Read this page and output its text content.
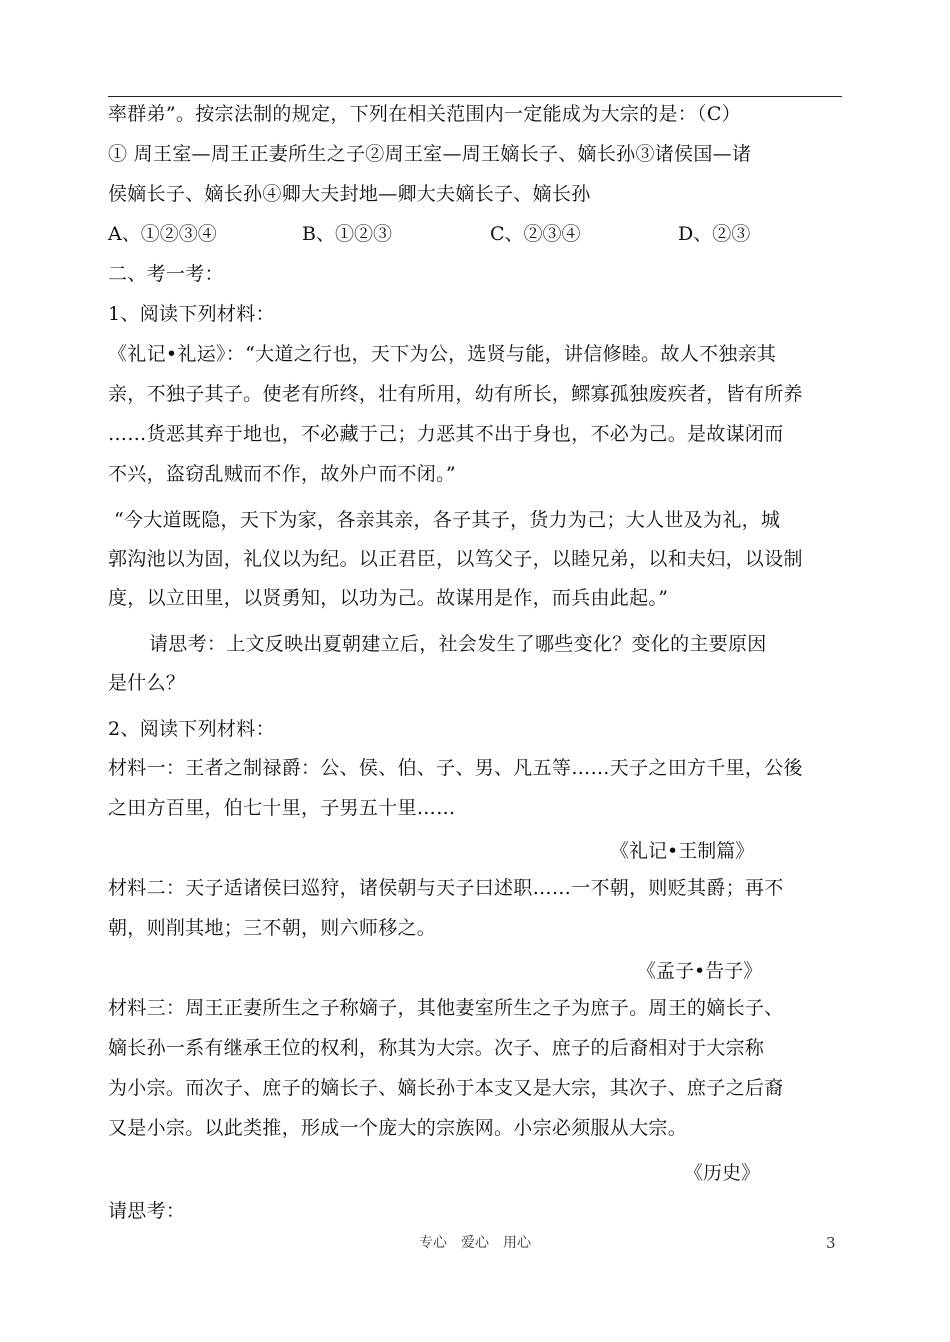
率群弟”。按宗法制的规定，下列在相关范围内一定能成为大宗的是：（C）
① 周王室—周王正妻所生之子②周王室—周王嫡长子、嫡长孙③诸侯国—诸
侯嫡长子、嫡长孙④卿大夫封地—卿大夫嫡长子、嫡长孙
A、①②③④	B、①②③	C、②③④	D、②③
二、考一考：
1、阅读下列材料：
《礼记•礼运》：“大道之行也，天下为公，选贤与能，讲信修睦。故人不独亲其
亲，不独子其子。使老有所终，壮有所用，幼有所长，鳏寡孤独废疾者，皆有所养
……货恶其弃于地也，不必藏于己；力恶其不出于身也，不必为己。是故谋闭而
不兴，盗窃乱贼而不作，故外户而不闭。”
“今大道既隐，天下为家，各亲其亲，各子其子，货力为己；大人世及为礼，城
郭沟池以为固，礼仪以为纪。以正君臣，以笃父子，以睦兄弟，以和夫妇，以设制
度，以立田里，以贤勇知，以功为己。故谋用是作，而兵由此起。”
请思考：上文反映出夏朝建立后，社会发生了哪些变化？变化的主要原因
是什么？
2、阅读下列材料：
材料一：王者之制禄爵：公、侯、伯、子、男、凡五等……天子之田方千里，公後
之田方百里，伯七十里，子男五十里……
《礼记•王制篇》
材料二：天子适诸侯曰巡狩，诸侯朝与天子曰述职……一不朝，则贬其爵；再不
朝，则削其地；三不朝，则六师移之。
《孟子•告子》
材料三：周王正妻所生之子称嫡子，其他妻室所生之子为庶子。周王的嫡长子、
嫡长孙一系有继承王位的权利，称其为大宗。次子、庶子的后裔相对于大宗称
为小宗。而次子、庶子的嫡长子、嫡长孙于本支又是大宗，其次子、庶子之后裔
又是小宗。以此类推，形成一个庞大的宗族网。小宗必须服从大宗。
《历史》
请思考：
专心　爱心　用心	3
